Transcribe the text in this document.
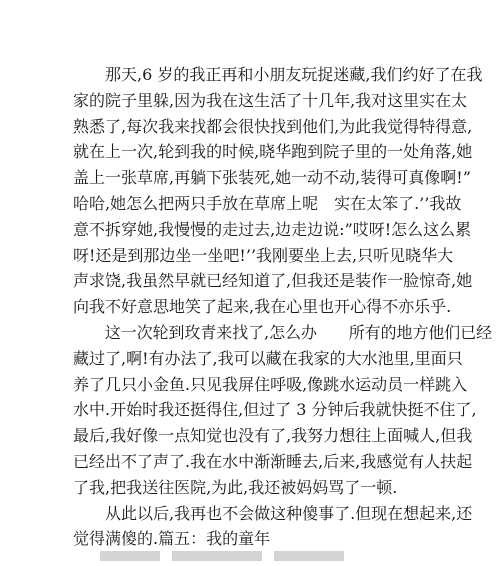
　　那天,6 岁的我正再和小朋友玩捉迷藏,我们约好了在我
家的院子里躲,因为我在这生活了十几年,我对这里实在太
熟悉了,每次我来找都会很快找到他们,为此我觉得特得意,
就在上一次,轮到我的时候,晓华跑到院子里的一处角落,她
盖上一张草席,再躺下张装死,她一动不动,装得可真像啊!”
哈哈,她怎么把两只手放在草席上呢　实在太笨了.’’我故
意不拆穿她,我慢慢的走过去,边走边说:”哎呀!怎么这么累
呀!还是到那边坐一坐吧!’’我刚要坐上去,只听见晓华大
声求饶,我虽然早就已经知道了,但我还是装作一脸惊奇,她
向我不好意思地笑了起来,我在心里也开心得不亦乐乎.
　　这一次轮到玫青来找了,怎么办　　所有的地方他们已经
藏过了,啊!有办法了,我可以藏在我家的大水池里,里面只
养了几只小金鱼.只见我屏住呼吸,像跳水运动员一样跳入
水中.开始时我还挺得住,但过了 3 分钟后我就快挺不住了,
最后,我好像一点知觉也没有了,我努力想往上面喊人,但我
已经出不了声了.我在水中渐渐睡去,后来,我感觉有人扶起
了我,把我送往医院,为此,我还被妈妈骂了一顿.
　　从此以后,我再也不会做这种傻事了.但现在想起来,还
觉得满傻的.篇五：我的童年
